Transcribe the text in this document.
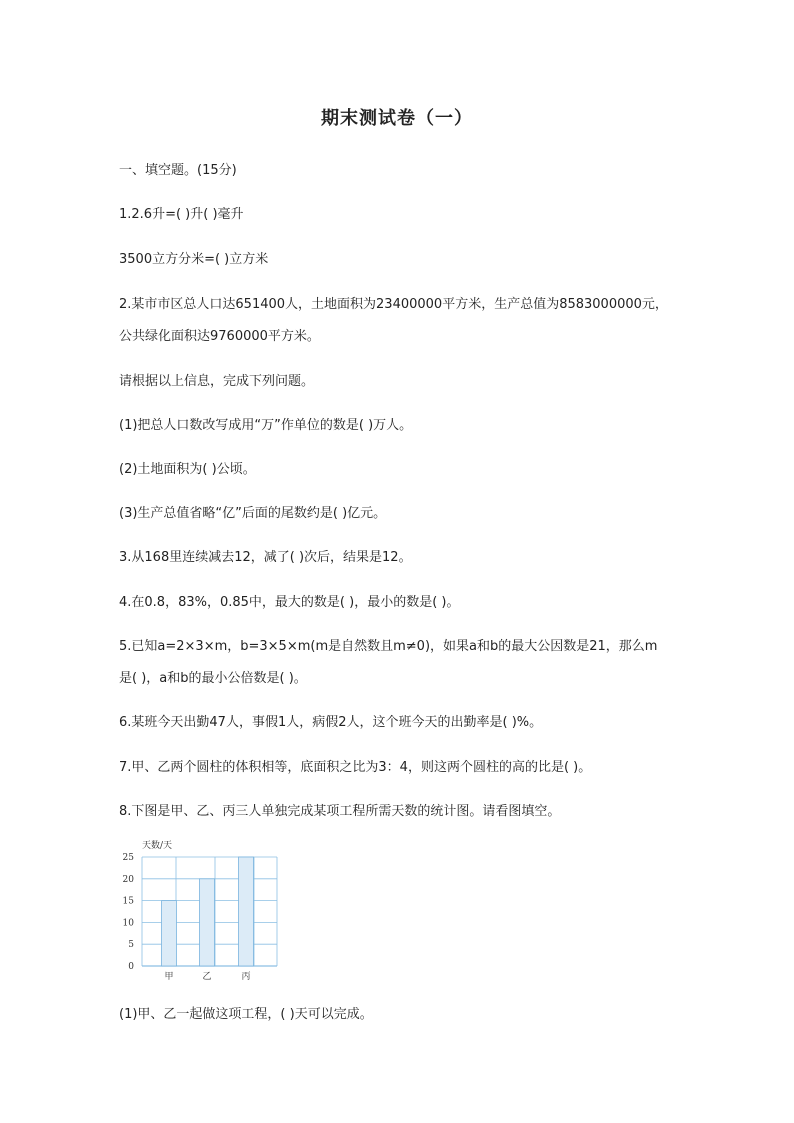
期末测试卷（一）
一、填空题。(15分)
1.2.6升=( )升( )毫升
3500立方分米=( )立方米
2.某市市区总人口达651400人，土地面积为23400000平方米，生产总值为8583000000元，
公共绿化面积达9760000平方米。
请根据以上信息，完成下列问题。
(1)把总人口数改写成用“万”作单位的数是( )万人。
(2)土地面积为( )公顷。
(3)生产总值省略“亿”后面的尾数约是( )亿元。
3.从168里连续减去12，减了( )次后，结果是12。
4.在0.8，83%，0.85中，最大的数是( )，最小的数是( )。
5.已知a=2×3×m，b=3×5×m(m是自然数且m≠0)，如果a和b的最大公因数是21，那么m
是( )，a和b的最小公倍数是( )。
6.某班今天出勤47人，事假1人，病假2人，这个班今天的出勤率是( )%。
7.甲、乙两个圆柱的体积相等，底面积之比为3：4，则这两个圆柱的高的比是( )。
8.下图是甲、乙、丙三人单独完成某项工程所需天数的统计图。请看图填空。
天数/天
0
5
10
15
20
25
甲	乙	丙
(1)甲、乙一起做这项工程，( )天可以完成。
